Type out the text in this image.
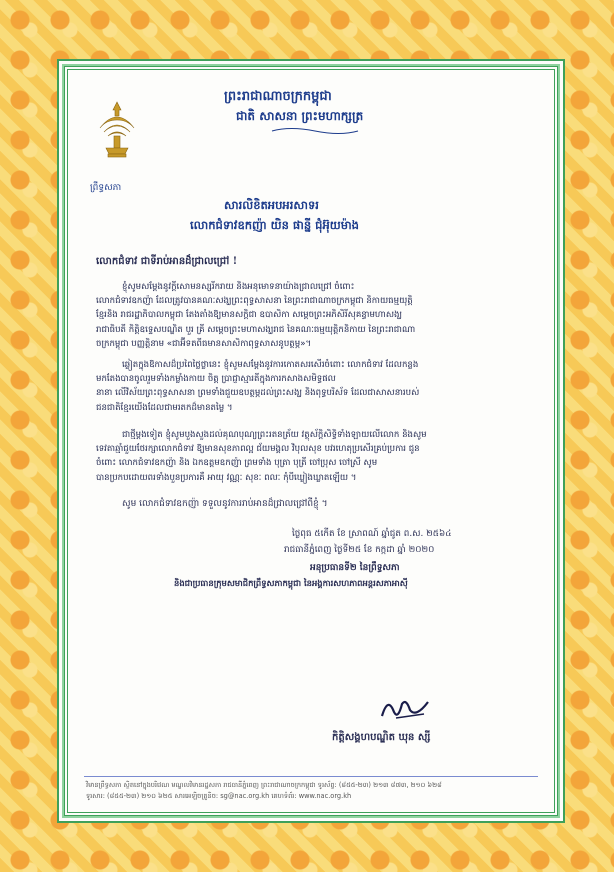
ព្រឹទ្ធសភា
ព្រះរាជាណាចក្រកម្ពុជា
ជាតិ សាសនា ព្រះមហាក្សត្រ
សារលិខិតអបអរសាទរ
លោកជំទាវឧកញ៉ា យិន ផាន្នី ជុំអ៊ុយម៉ាង
លោកជំទាវ ជាទីរាប់អានដ៏ជ្រាលជ្រៅ !
ខ្ញុំសូមសម្តែងនូវក្តីសោមនស្សរីករាយ និងអនុមោទនាយ៉ាងជ្រាលជ្រៅ ចំពោះ
លោកជំទាវឧកញ៉ា ដែលត្រូវបានគណៈសង្ឃព្រះពុទ្ធសាសនា នៃព្រះរាជាណាចក្រកម្ពុជា និកាយធម្មយុត្តិ
ខ្មែរនិង រាជរដ្ឋាភិបាលកម្ពុជា តែងតាំងឱ្យមានសក្តិជា ឧបាសិកា សម្តេចព្រះអភិសិរីសុគន្ធាមហាសង្ឃ
រាជាធិបតី កិត្តិឧទ្ទេសបណ្ឌិត បួរ គ្រី សម្តេចព្រះមហាសង្ឃរាជ នៃគណៈធម្មយុត្តិកនិកាយ នៃព្រះរាជាណា
ចក្រកម្ពុជា បញ្ញត្តិនាម «ជាអ៊ីទតពីធមានសាសិកាពុទ្ធសាសនូបត្ថម្ភ»។
ឆ្លៀតក្នុងឱកាសដ៏ប្រពៃថ្លៃថ្លានេះ ខ្ញុំសូមសម្តែងនូវការកោតសរសើរចំពោះ លោកជំទាវ ដែលកន្លង
មកតែងបានចូលរួមទាំងកម្លាំងកាយ ចិត្ត ប្រាជ្ញាស្មារតីក្នុងការកសាងសមិទ្ធផល
នានា លើវិស័យព្រះពុទ្ធសាសនា ព្រមទាំងជួយឧបត្ថម្ភដល់ព្រះសង្ឃ និងពុទ្ធបរិស័ទ ដែលជាសាសនារបស់
ជនជាតិខ្មែរយើងដែលជាមរតកដ៏មានតម្លៃ ។
ជាថ្មីម្តងទៀត ខ្ញុំសូមបួងសួងដល់គុណបុណ្យព្រះរតនត្រ័យ វត្ថុស័ក្តិសិទ្ធិទាំងឡាយលើលោក និងសូម
ទេវតាឆ្មាំជួយថែរក្សាលោកជំទាវ ឱ្យមានសុខភាពល្អ ជ័យមង្គល វិបុលសុខ បវរហេតុប្រសើរគ្រប់ប្រការ ជូន
ចំពោះ លោកជំទាវឧកញ៉ា និង ឯកឧត្តមឧកញ៉ា ព្រមទាំង បុត្រា បុត្រី ចៅប្រុស ចៅស្រី សូម
បានប្រកបដោយពរទាំងបួនប្រការគឺ អាយុ វណ្ណៈ សុខៈ ពលៈ កុំបីឃ្លៀងឃ្លាតឡើយ ។
សូម លោកជំទាវឧកញ៉ា ទទួលនូវការរាប់អានដ៏ជ្រាលជ្រៅពីខ្ញុំ ។
ថ្ងៃពុធ ៥កើត ខែ ស្រាពណ៍ ឆ្នាំជូត ព.ស. ២៥៦៤
រាជធានីភ្នំពេញ ថ្ងៃទី២៥ ខែ កក្កដា ឆ្នាំ ២០២០
អនុប្រធានទី២ នៃព្រឹទ្ធសភា
និងជាប្រធានក្រុមសមាជិកព្រឹទ្ធសភាកម្ពុជា នៃអង្គការសហភាពអន្តរសភាអាស៊ី
កិត្តិសង្គហបណ្ឌិត ឃុន ស្សី
វិមានព្រឹទ្ធសភា ស្ថិតនៅក្នុងបរិវេណ មណ្ឌលវិមានរដ្ឋសភា រាជធានីភ្នំពេញ ព្រះរាជាណាចក្រកម្ពុជា ទូរស័ព្ទ: (៨៥៥-២៣) ២១៣ ៨៧៣, ២១០ ៦២៨
ទូរសារ: (៨៥៥-២៣) ២១០ ៦២៥ សារអេឡិចត្រូនិច: sg@nac.org.kh គេហទំព័រ: www.nac.org.kh
